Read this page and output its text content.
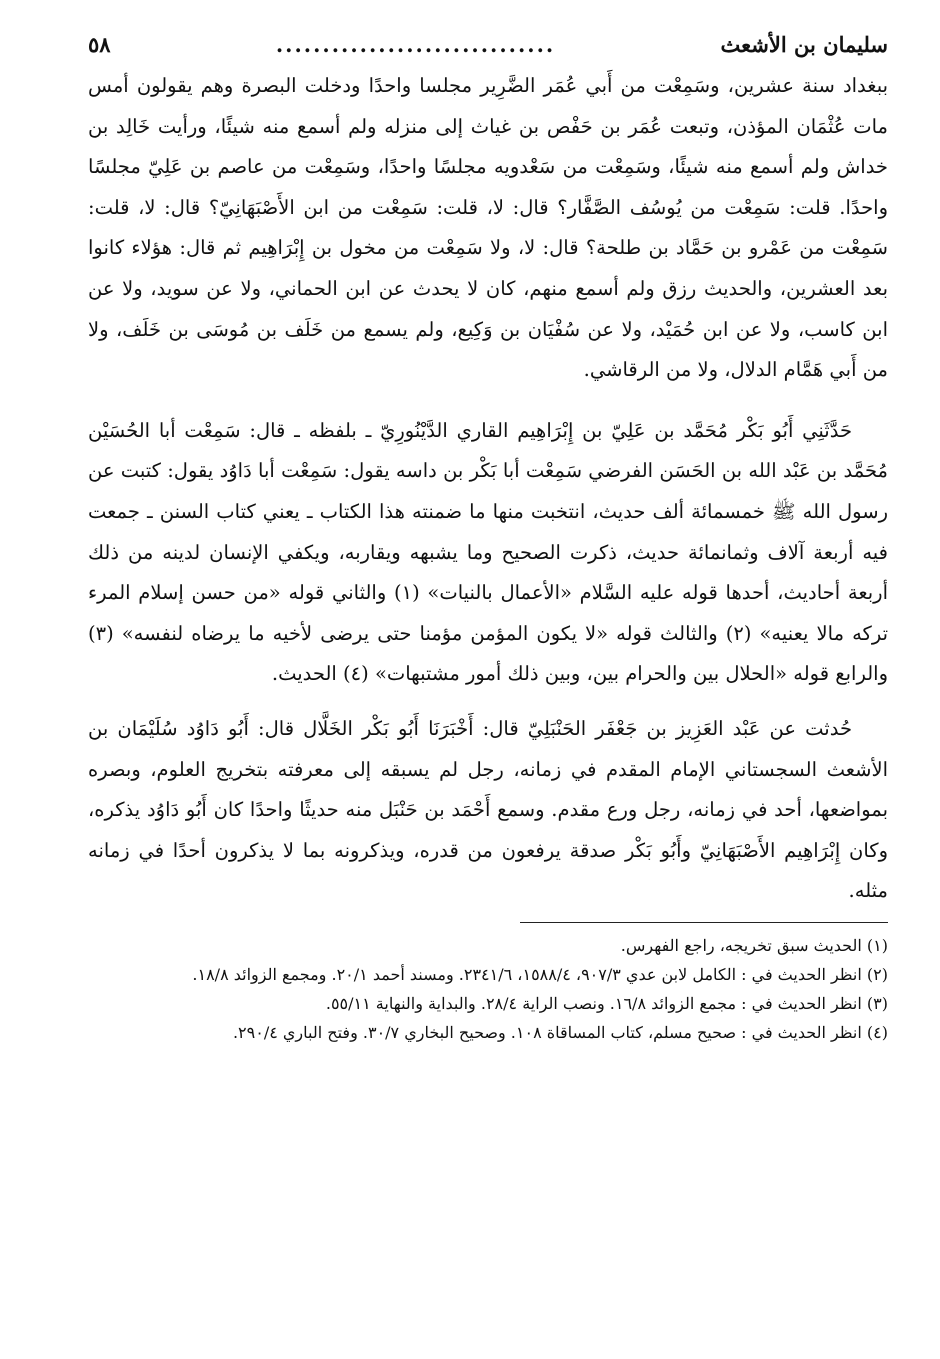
سليمان بن الأشعث
..............................
٥٨

ببغداد سنة عشرين، وسَمِعْت من أَبي عُمَر الضَّرِير مجلسا واحدًا ودخلت البصرة وهم يقولون أمس مات عُثْمَان المؤذن، وتبعت عُمَر بن حَفْص بن غياث إلى منزله ولم أسمع منه شيئًا، ورأيت خَالِد بن خداش ولم أسمع منه شيئًا، وسَمِعْت من سَعْدويه مجلسًا واحدًا، وسَمِعْت من عاصم بن عَلِيّ مجلسًا واحدًا. قلت: سَمِعْت من يُوسُف الصَّفَّار؟ قال: لا، قلت: سَمِعْت من ابن الأَصْبَهَانِيّ؟ قال: لا، قلت: سَمِعْت من عَمْرو بن حَمَّاد بن طلحة؟ قال: لا، ولا سَمِعْت من مخول بن إِبْرَاهِيم ثم قال: هؤلاء كانوا بعد العشرين، والحديث رزق ولم أسمع منهم، كان لا يحدث عن ابن الحماني، ولا عن سويد، ولا عن ابن كاسب، ولا عن ابن حُمَيْد، ولا عن سُفْيَان بن وَكِيع، ولم يسمع من خَلَف بن مُوسَى بن خَلَف، ولا من أَبي هَمَّام الدلال، ولا من الرقاشي.

حَدَّثَنِي أَبُو بَكْر مُحَمَّد بن عَلِيّ بن إِبْرَاهِيم القاري الدَّيْنُورِيّ ـ بلفظه ـ قال: سَمِعْت أبا الحُسَيْن مُحَمَّد بن عَبْد الله بن الحَسَن الفرضي سَمِعْت أبا بَكْر بن داسه يقول: سَمِعْت أبا دَاوُد يقول: كتبت عن رسول الله ﷺ خمسمائة ألف حديث، انتخبت منها ما ضمنته هذا الكتاب ـ يعني كتاب السنن ـ جمعت فيه أربعة آلاف وثمانمائة حديث، ذكرت الصحيح وما يشبهه ويقاربه، ويكفي الإنسان لدينه من ذلك أربعة أحاديث، أحدها قوله عليه السَّلام «الأعمال بالنيات» (١) والثاني قوله «من حسن إسلام المرء تركه مالا يعنيه» (٢) والثالث قوله «لا يكون المؤمن مؤمنا حتى يرضى لأخيه ما يرضاه لنفسه» (٣) والرابع قوله «الحلال بين والحرام بين، وبين ذلك أمور مشتبهات» (٤) الحديث.

حُدثت عن عَبْد العَزِيز بن جَعْفَر الحَنْبَلِيّ قال: أَخْبَرَنَا أَبُو بَكْر الخَلَّال قال: أَبُو دَاوُد سُلَيْمَان بن الأشعث السجستاني الإمام المقدم في زمانه، رجل لم يسبقه إلى معرفته بتخريج العلوم، وبصره بمواضعها، أحد في زمانه، رجل ورع مقدم. وسمع أَحْمَد بن حَنْبَل منه حديثًا واحدًا كان أَبُو دَاوُد يذكره، وكان إِبْرَاهِيم الأَصْبَهَانِيّ وأَبُو بَكْر صدقة يرفعون من قدره، ويذكرونه بما لا يذكرون أحدًا في زمانه مثله.

(١) الحديث سبق تخريجه، راجع الفهرس.

(٢) انظر الحديث في : الكامل لابن عدي ٩٠٧/٣، ١٥٨٨/٤، ٢٣٤١/٦. ومسند أحمد ٢٠/١. ومجمع الزوائد ١٨/٨.

(٣) انظر الحديث في : مجمع الزوائد ١٦/٨. ونصب الراية ٢٨/٤. والبداية والنهاية ٥٥/١١.

(٤) انظر الحديث في : صحيح مسلم، كتاب المساقاة ١٠٨. وصحيح البخاري ٣٠/٧. وفتح الباري ٢٩٠/٤.
